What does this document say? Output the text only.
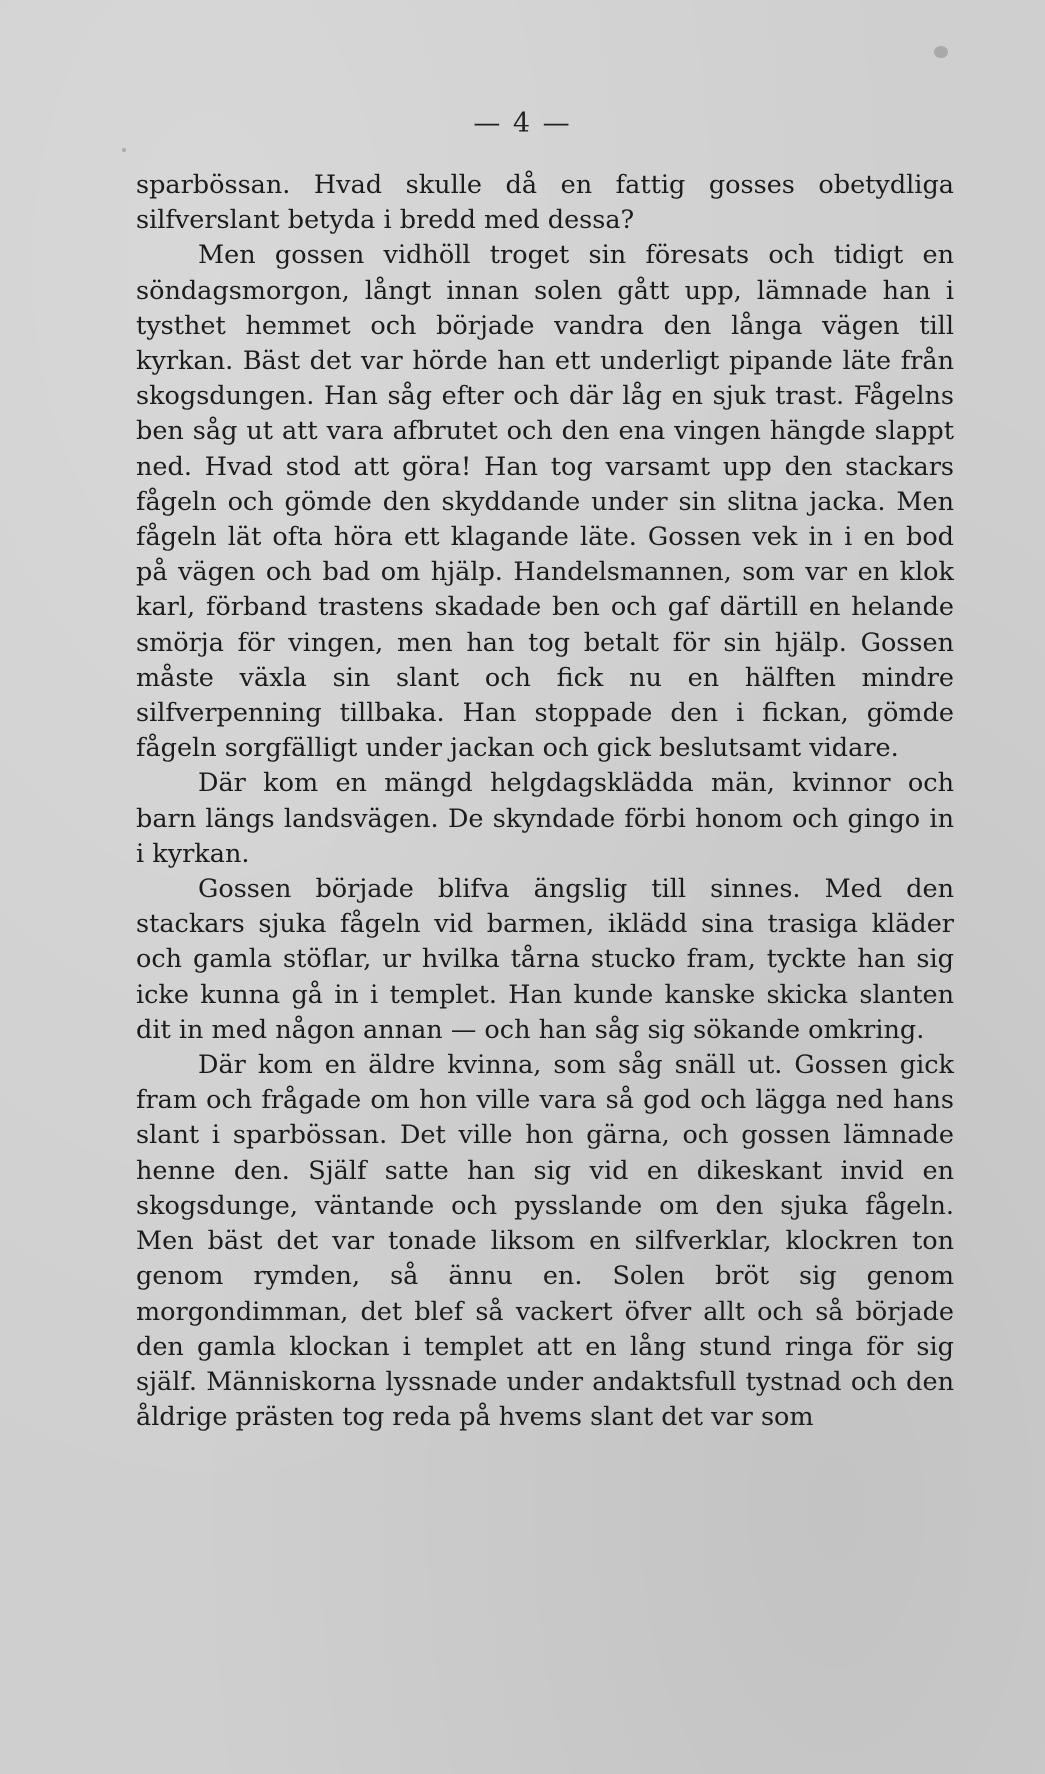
— 4 —

sparbössan. Hvad skulle då en fattig gosses obetydliga silfverslant betyda i bredd med dessa?

Men gossen vidhöll troget sin föresats och tidigt en söndagsmorgon, långt innan solen gått upp, lämnade han i tysthet hemmet och började vandra den långa vägen till kyrkan. Bäst det var hörde han ett underligt pipande läte från skogsdungen. Han såg efter och där låg en sjuk trast. Fågelns ben såg ut att vara afbrutet och den ena vingen hängde slappt ned. Hvad stod att göra! Han tog varsamt upp den stackars fågeln och gömde den skyddande under sin slitna jacka. Men fågeln lät ofta höra ett klagande läte. Gossen vek in i en bod på vägen och bad om hjälp. Handelsmannen, som var en klok karl, förband trastens skadade ben och gaf därtill en helande smörja för vingen, men han tog betalt för sin hjälp. Gossen måste växla sin slant och fick nu en hälften mindre silfverpenning tillbaka. Han stoppade den i fickan, gömde fågeln sorgfälligt under jackan och gick beslutsamt vidare.

Där kom en mängd helgdagsklädda män, kvinnor och barn längs landsvägen. De skyndade förbi honom och gingo in i kyrkan.

Gossen började blifva ängslig till sinnes. Med den stackars sjuka fågeln vid barmen, iklädd sina trasiga kläder och gamla stöflar, ur hvilka tårna stucko fram, tyckte han sig icke kunna gå in i templet. Han kunde kanske skicka slanten dit in med någon annan — och han såg sig sökande omkring.

Där kom en äldre kvinna, som såg snäll ut. Gossen gick fram och frågade om hon ville vara så god och lägga ned hans slant i sparbössan. Det ville hon gärna, och gossen lämnade henne den. Själf satte han sig vid en dikeskant invid en skogsdunge, väntande och pysslande om den sjuka fågeln. Men bäst det var tonade liksom en silfverklar, klockren ton genom rymden, så ännu en. Solen bröt sig genom morgondimman, det blef så vackert öfver allt och så började den gamla klockan i templet att en lång stund ringa för sig själf. Människorna lyssnade under andaktsfull tystnad och den åldrige prästen tog reda på hvems slant det var som
